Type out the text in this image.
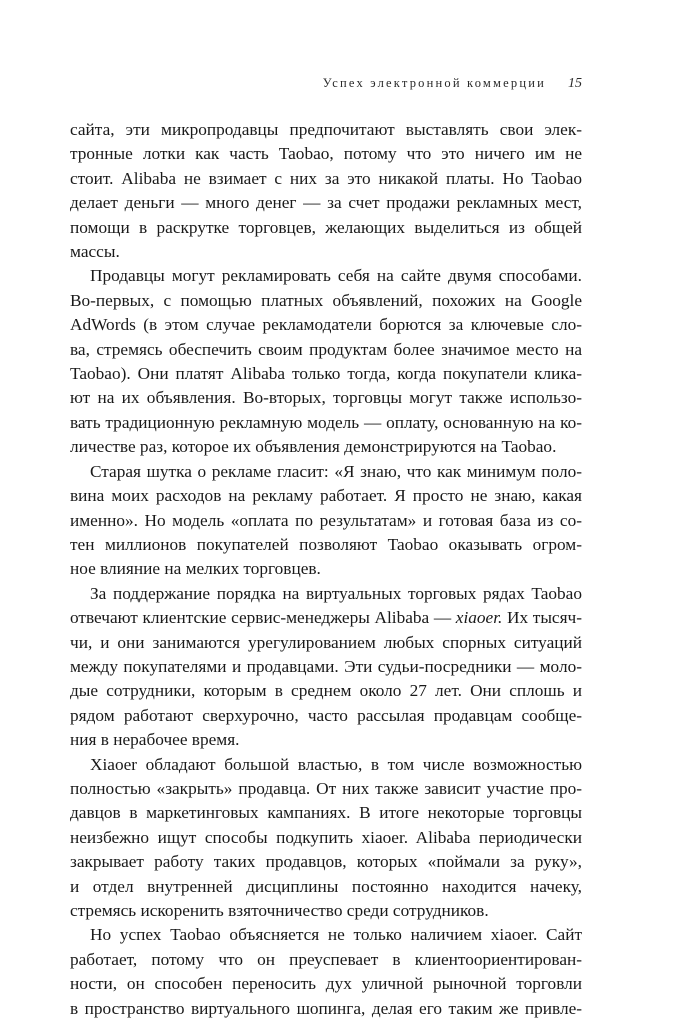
Успех электронной коммерции 15

сайта, эти микропродавцы предпочитают выставлять свои элек-
тронные лотки как часть Taobao, потому что это ничего им не
стоит. Alibaba не взимает с них за это никакой платы. Но Taobao
делает деньги — много денег — за счет продажи рекламных мест,
помощи в раскрутке торговцев, желающих выделиться из общей
массы.

Продавцы могут рекламировать себя на сайте двумя способами.
Во-первых, с помощью платных объявлений, похожих на Google
AdWords (в этом случае рекламодатели борются за ключевые сло-
ва, стремясь обеспечить своим продуктам более значимое место на
Taobao). Они платят Alibaba только тогда, когда покупатели клика-
ют на их объявления. Во-вторых, торговцы могут также использо-
вать традиционную рекламную модель — оплату, основанную на ко-
личестве раз, которое их объявления демонстрируются на Taobao.

Старая шутка о рекламе гласит: «Я знаю, что как минимум поло-
вина моих расходов на рекламу работает. Я просто не знаю, какая
именно». Но модель «оплата по результатам» и готовая база из со-
тен миллионов покупателей позволяют Taobao оказывать огром-
ное влияние на мелких торговцев.

За поддержание порядка на виртуальных торговых рядах Taobao
отвечают клиентские сервис-менеджеры Alibaba — xiaoer. Их тысяч-
чи, и они занимаются урегулированием любых спорных ситуаций
между покупателями и продавцами. Эти судьи-посредники — моло-
дые сотрудники, которым в среднем около 27 лет. Они сплошь и
рядом работают сверхурочно, часто рассылая продавцам сообще-
ния в нерабочее время.

Xiaoer обладают большой властью, в том числе возможностью
полностью «закрыть» продавца. От них также зависит участие про-
давцов в маркетинговых кампаниях. В итоге некоторые торговцы
неизбежно ищут способы подкупить xiaoer. Alibaba периодически
закрывает работу таких продавцов, которых «поймали за руку»,
и отдел внутренней дисциплины постоянно находится начеку,
стремясь искоренить взяточничество среди сотрудников.

Но успех Taobao объясняется не только наличием xiaoer. Сайт
работает, потому что он преуспевает в клиентоориентирован-
ности, он способен переносить дух уличной рыночной торговли
в пространство виртуального шопинга, делая его таким же привле-
